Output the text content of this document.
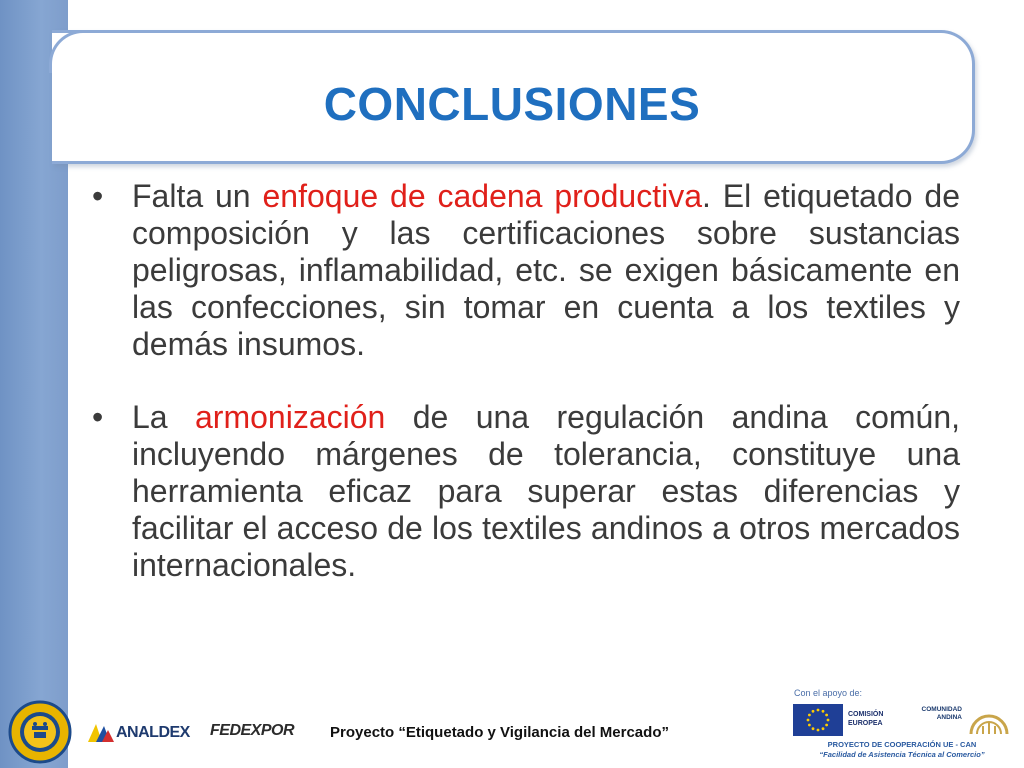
CONCLUSIONES
• Falta un enfoque de cadena productiva. El etiquetado de composición y las certificaciones sobre sustancias peligrosas, inflamabilidad, etc. se exigen básicamente en las confecciones, sin tomar en cuenta a los textiles y demás insumos.
• La armonización de una regulación andina común, incluyendo márgenes de tolerancia, constituye una herramienta eficaz para superar estas diferencias y facilitar el acceso de los textiles andinos a otros mercados internacionales.
ANALDEX FEDEXPOR Proyecto “Etiquetado y Vigilancia del Mercado”
Con el apoyo de:
COMISIÓN
EUROPEA
COMUNIDAD
ANDINA
PROYECTO DE COOPERACIÓN UE - CAN
“Facilidad de Asistencia Técnica al Comercio”
